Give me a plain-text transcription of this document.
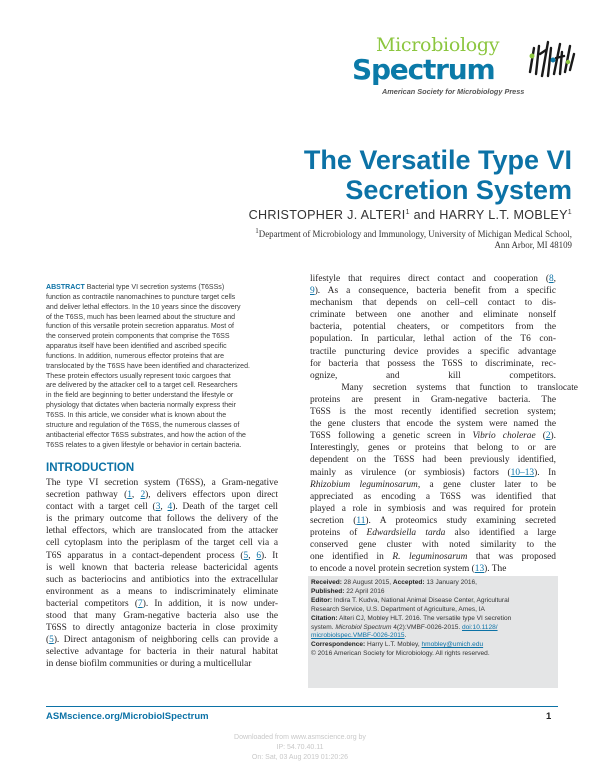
Microbiology
Spectrum
American Society for Microbiology Press
The Versatile Type VI
Secretion System
CHRISTOPHER J. ALTERI$^1$ and HARRY L.T. MOBLEY$^1$
$^1$Department of Microbiology and Immunology, University of Michigan Medical School,
Ann Arbor, MI 48109
ABSTRACT Bacterial type VI secretion systems (T6SSs)
function as contractile nanomachines to puncture target cells
and deliver lethal effectors. In the 10 years since the discovery
of the T6SS, much has been learned about the structure and
function of this versatile protein secretion apparatus. Most of
the conserved protein components that comprise the T6SS
apparatus itself have been identified and ascribed specific
functions. In addition, numerous effector proteins that are
translocated by the T6SS have been identified and characterized.
These protein effectors usually represent toxic cargoes that
are delivered by the attacker cell to a target cell. Researchers
in the field are beginning to better understand the lifestyle or
physiology that dictates when bacteria normally express their
T6SS. In this article, we consider what is known about the
structure and regulation of the T6SS, the numerous classes of
antibacterial effector T6SS substrates, and how the action of the
T6SS relates to a given lifestyle or behavior in certain bacteria.
INTRODUCTION
The type VI secretion system (T6SS), a Gram-negative
secretion pathway (1, 2), delivers effectors upon direct
contact with a target cell (3, 4). Death of the target cell
is the primary outcome that follows the delivery of the
lethal effectors, which are translocated from the attacker
cell cytoplasm into the periplasm of the target cell via a
T6S apparatus in a contact-dependent process (5, 6). It
is well known that bacteria release bactericidal agents
such as bacteriocins and antibiotics into the extracellular
environment as a means to indiscriminately eliminate
bacterial competitors (7). In addition, it is now under-
stood that many Gram-negative bacteria also use the
T6SS to directly antagonize bacteria in close proximity
(5). Direct antagonism of neighboring cells can provide a
selective advantage for bacteria in their natural habitat
in dense biofilm communities or during a multicellular
lifestyle that requires direct contact and cooperation (8,
9). As a consequence, bacteria benefit from a specific
mechanism that depends on cell–cell contact to dis-
criminate between one another and eliminate nonself
bacteria, potential cheaters, or competitors from the
population. In particular, lethal action of the T6 con-
tractile puncturing device provides a specific advantage
for bacteria that possess the T6SS to discriminate, rec-
ognize, and kill competitors.
Many secretion systems that function to translocate
proteins are present in Gram-negative bacteria. The
T6SS is the most recently identified secretion system;
the gene clusters that encode the system were named the
T6SS following a genetic screen in Vibrio cholerae (2).
Interestingly, genes or proteins that belong to or are
dependent on the T6SS had been previously identified,
mainly as virulence (or symbiosis) factors (10–13). In
Rhizobium leguminosarum, a gene cluster later to be
appreciated as encoding a T6SS was identified that
played a role in symbiosis and was required for protein
secretion (11). A proteomics study examining secreted
proteins of Edwardsiella tarda also identified a large
conserved gene cluster with noted similarity to the
one identified in R. leguminosarum that was proposed
to encode a novel protein secretion system (13). The
Received: 28 August 2015, Accepted: 13 January 2016,
Published: 22 April 2016
Editor: Indira T. Kudva, National Animal Disease Center, Agricultural
Research Service, U.S. Department of Agriculture, Ames, IA
Citation: Alteri CJ, Mobley HLT. 2016. The versatile type VI secretion
system. Microbiol Spectrum 4(2):VMBF-0026-2015. doi:10.1128/
microbiolspec.VMBF-0026-2015.
Correspondence: Harry L.T. Mobley, hmobley@umich.edu
© 2016 American Society for Microbiology. All rights reserved.
ASMscience.org/MicrobiolSpectrum	1
Downloaded from www.asmscience.org by
IP: 54.70.40.11
On: Sat, 03 Aug 2019 01:20:26
